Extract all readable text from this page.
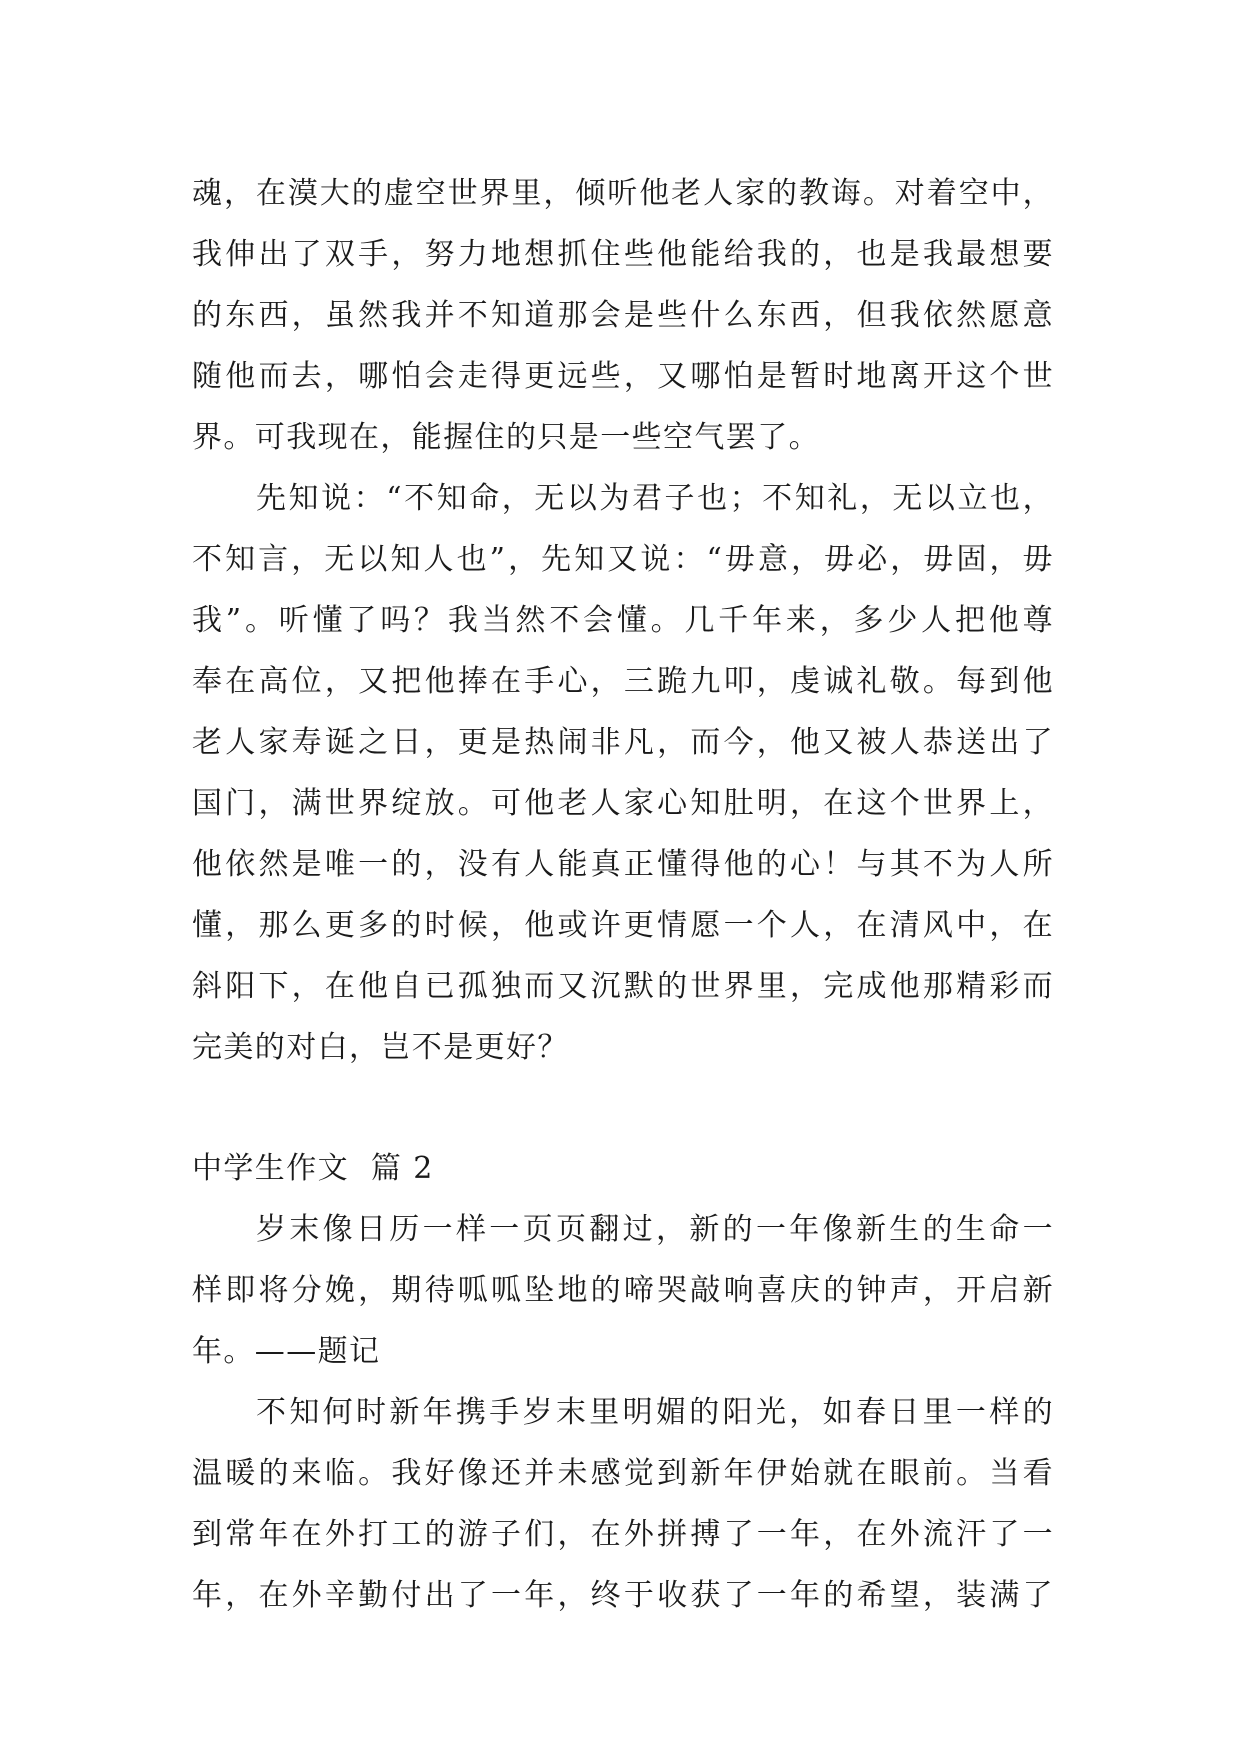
魂，在漠大的虚空世界里，倾听他老人家的教诲。对着空中，
我伸出了双手，努力地想抓住些他能给我的，也是我最想要
的东西，虽然我并不知道那会是些什么东西，但我依然愿意
随他而去，哪怕会走得更远些，又哪怕是暂时地离开这个世
界。可我现在，能握住的只是一些空气罢了。
先知说：“不知命，无以为君子也；不知礼，无以立也，
不知言，无以知人也”，先知又说：“毋意，毋必，毋固，毋
我”。听懂了吗？我当然不会懂。几千年来，多少人把他尊
奉在高位，又把他捧在手心，三跪九叩，虔诚礼敬。每到他
老人家寿诞之日，更是热闹非凡，而今，他又被人恭送出了
国门，满世界绽放。可他老人家心知肚明，在这个世界上，
他依然是唯一的，没有人能真正懂得他的心！与其不为人所
懂，那么更多的时候，他或许更情愿一个人，在清风中，在
斜阳下，在他自已孤独而又沉默的世界里，完成他那精彩而
完美的对白，岂不是更好？
中学生作文  篇 2
岁末像日历一样一页页翻过，新的一年像新生的生命一
样即将分娩，期待呱呱坠地的啼哭敲响喜庆的钟声，开启新
年。——题记
不知何时新年携手岁末里明媚的阳光，如春日里一样的
温暖的来临。我好像还并未感觉到新年伊始就在眼前。当看
到常年在外打工的游子们，在外拼搏了一年，在外流汗了一
年，在外辛勤付出了一年，终于收获了一年的希望，装满了
